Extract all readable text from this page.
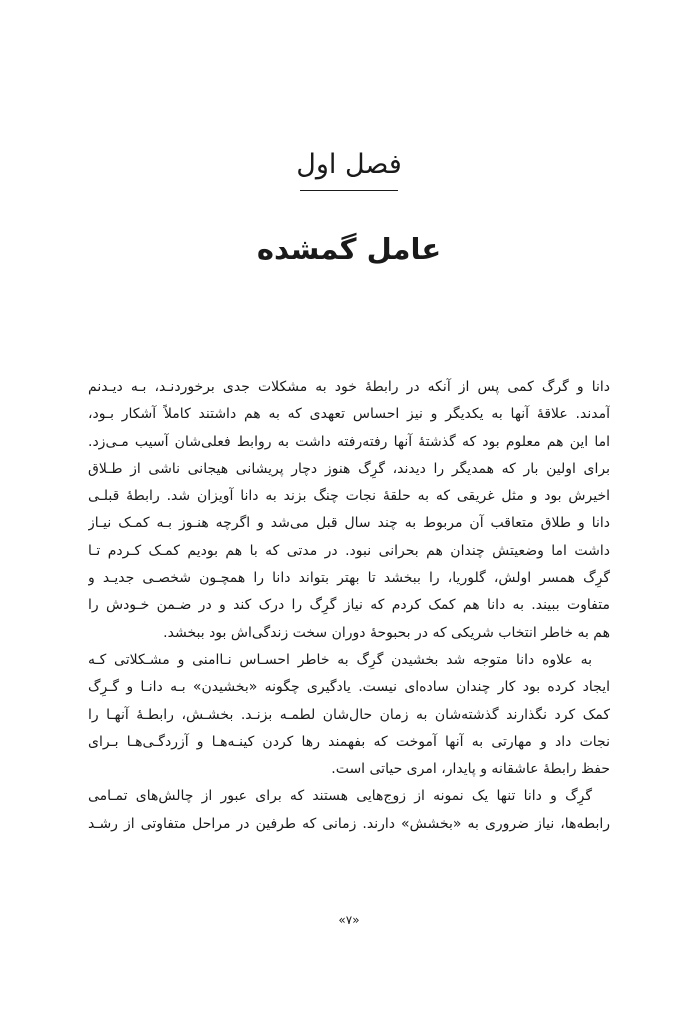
فصل اول
عامل گمشده
دانا و گرگ کمی پس از آنکه در رابطهٔ خود به مشکلات جدی برخوردنـد، بـه دیـدنم
آمدند. علاقهٔ آنها به یکدیگر و نیز احساس تعهدی که به هم داشتند کاملاً آشکار بـود،
اما این هم معلوم بود که گذشتهٔ آنها رفته‌رفته داشت به روابط فعلی‌شان آسیب مـی‌زد.
برای اولین بار که همدیگر را دیدند، گرِگ هنوز دچار پریشانی هیجانی ناشی از طـلاق
اخیرش بود و مثل غریقی که به حلقهٔ نجات چنگ بزند به دانا آویزان شد. رابطهٔ قبلـی
دانا و طلاق متعاقب آن مربوط به چند سال قبل می‌شد و اگرچه هنـوز بـه کمـک نیـاز
داشت اما وضعیتش چندان هم بحرانی نبود. در مدتی که با هم بودیم کمـک کـردم تـا
گرِگ همسر اولش، گلوریا، را ببخشد تا بهتر بتواند دانا را همچـون شخصـی جدیـد و
متفاوت ببیند. به دانا هم کمک کردم که نیاز گرِگ را درک کند و در ضـمن خـودش را
هم به خاطر انتخاب شریکی که در بحبوحهٔ دوران سخت زندگی‌اش بود ببخشد.
به علاوه دانا متوجه شد بخشیدن گرِگ به خاطر احسـاس نـاامنی و مشـکلاتی کـه
ایجاد کرده بود کار چندان ساده‌ای نیست. یادگیری چگونه «بخشیدن» بـه دانـا و گـرِگ
کمک کرد نگذارند گذشته‌شان به زمان حال‌شان لطمـه بزنـد. بخشـش، رابطـهٔ آنهـا را
نجات داد و مهارتی به آنها آموخت که بفهمند رها کردن کینـه‌هـا و آزردگـی‌هـا بـرای
حفظ رابطهٔ عاشقانه و پایدار، امری حیاتی است.
گرِگ و دانا تنها یک نمونه از زوج‌هایی هستند که برای عبور از چالش‌های تمـامی
رابطه‌ها، نیاز ضروری به «بخشش» دارند. زمانی که طرفین در مراحل متفاوتی از رشـد
«۷»
